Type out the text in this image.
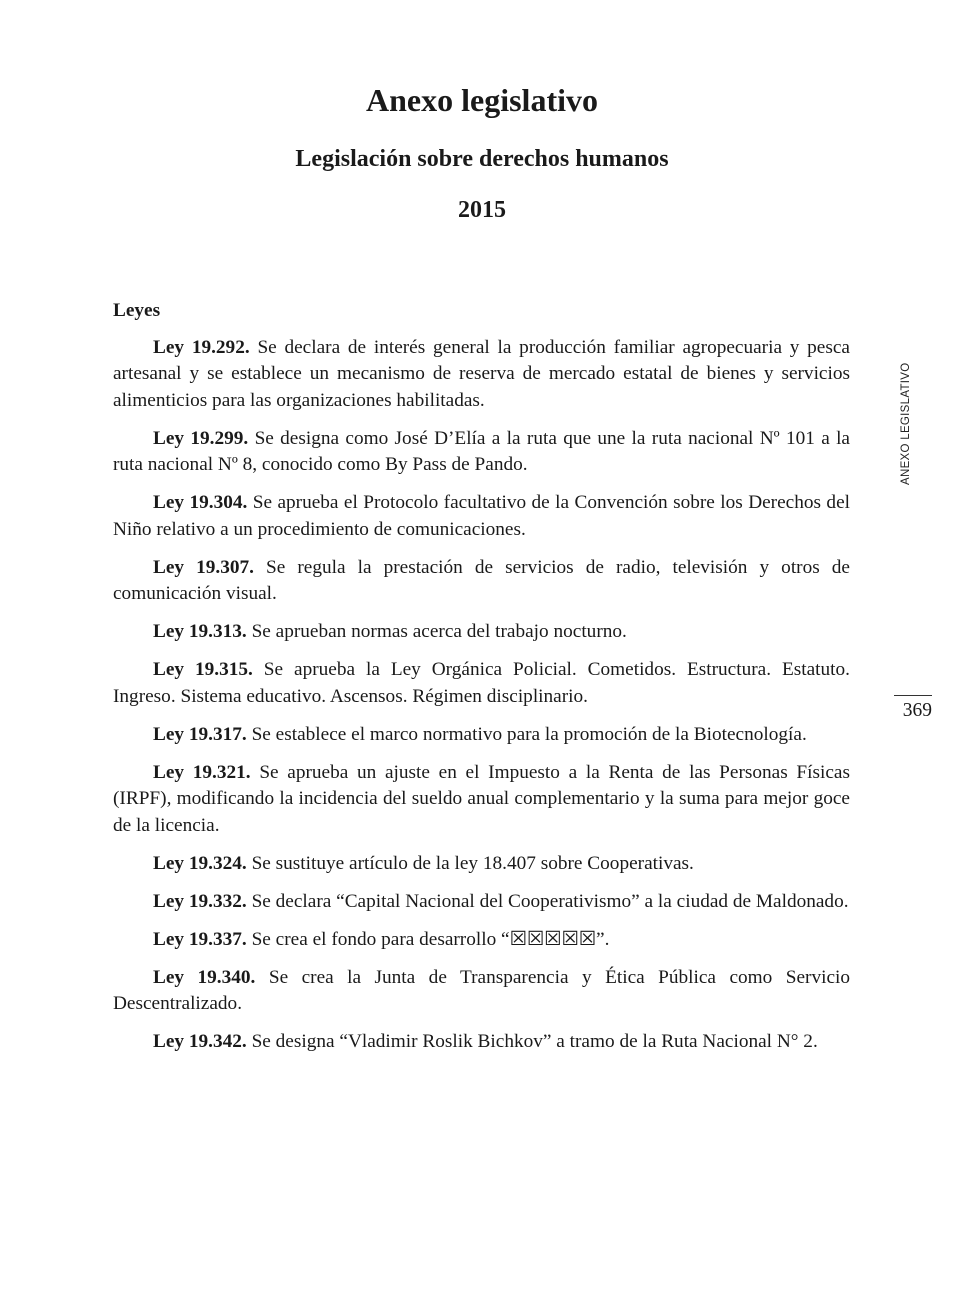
Anexo legislativo
Legislación sobre derechos humanos
2015
Leyes

Ley 19.292. Se declara de interés general la producción familiar agropecuaria y pesca artesanal y se establece un mecanismo de reserva de mercado estatal de bienes y servicios alimenticios para las organizaciones habilitadas.

Ley 19.299. Se designa como José D’Elía a la ruta que une la ruta nacional Nº 101 a la ruta nacional Nº 8, conocido como By Pass de Pando.

Ley 19.304. Se aprueba el Protocolo facultativo de la Convención sobre los Derechos del Niño relativo a un procedimiento de comunicaciones.

Ley 19.307. Se regula la prestación de servicios de radio, televisión y otros de comunicación visual.

Ley 19.313. Se aprueban normas acerca del trabajo nocturno.

Ley 19.315. Se aprueba la Ley Orgánica Policial. Cometidos. Estructura. Estatuto. Ingreso. Sistema educativo. Ascensos. Régimen disciplinario.

Ley 19.317. Se establece el marco normativo para la promoción de la Biotecnología.

Ley 19.321. Se aprueba un ajuste en el Impuesto a la Renta de las Personas Físicas (IRPF), modificando la incidencia del sueldo anual complementario y la suma para mejor goce de la licencia.

Ley 19.324. Se sustituye artículo de la ley 18.407 sobre Cooperativas.

Ley 19.332. Se declara “Capital Nacional del Cooperativismo” a la ciudad de Maldonado.

Ley 19.337. Se crea el fondo para desarrollo “☒☒☒☒☒”.

Ley 19.340. Se crea la Junta de Transparencia y Ética Pública como Servicio Descentralizado.

Ley 19.342. Se designa “Vladimir Roslik Bichkov” a tramo de la Ruta Nacional N° 2.

ANEXO LEGISLATIVO
369
